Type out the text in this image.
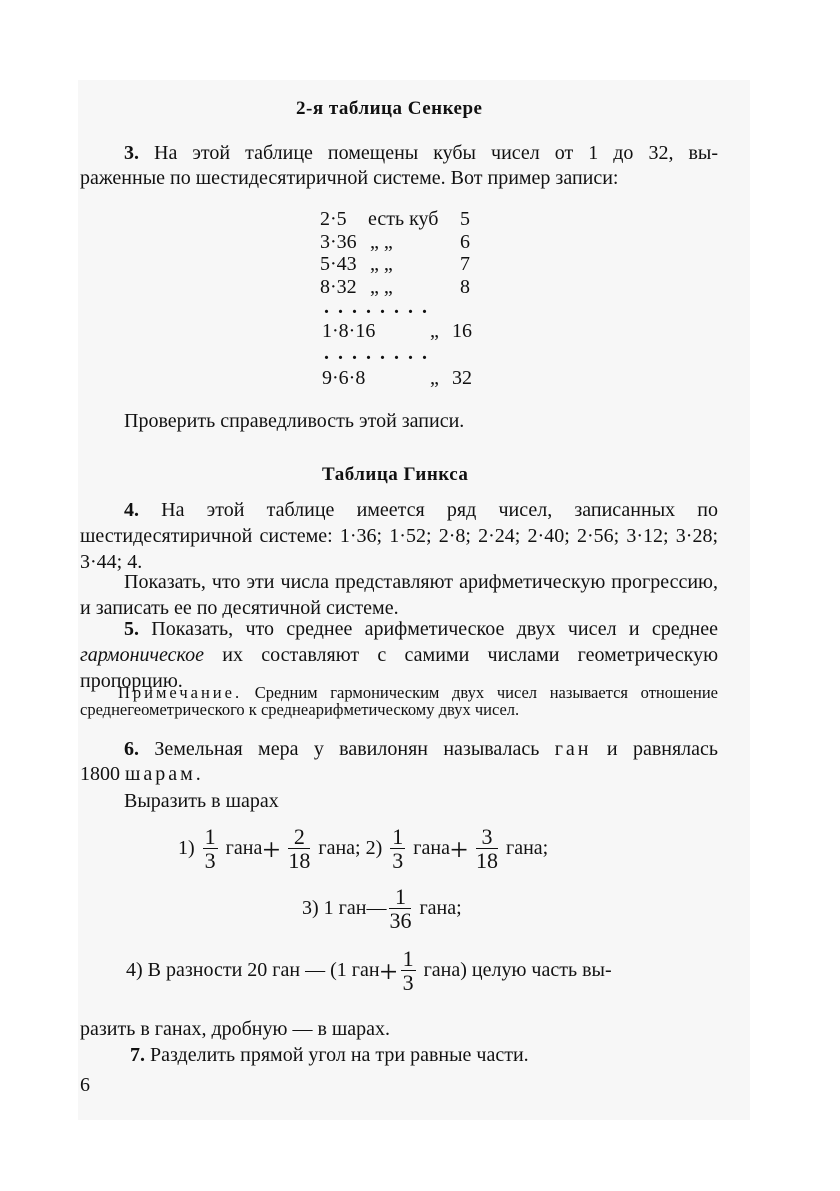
2-я таблица Сенкере
3. На этой таблице помещены кубы чисел от 1 до 32, вы-
раженные по шестидесятиричной системе. Вот пример записи:
2·5 есть куб 5
3·36 „ „	6
5·43 „ „	7
8·32 „ „	8
........
1·8·16	„ 16
........
9·6·8	„ 32
Проверить справедливость этой записи.
Таблица Гинкса
4. На этой таблице имеется ряд чисел, записанных по шестидесятиричной системе: 1·36; 1·52; 2·8; 2·24; 2·40; 2·56; 3·12; 3·28; 3·44; 4.
Показать, что эти числа представляют арифметическую прогрессию, и записать ее по десятичной системе.
5. Показать, что среднее арифметическое двух чисел и среднее гармоническое их составляют с самими числами геометрическую пропорцию.
Примечание. Средним гармоническим двух чисел называется отношение среднегеометрического к среднеарифметическому двух чисел.
6. Земельная мера у вавилонян называлась ган и равнялась
1800 шарам.
Выразить в шарах
$1) \frac{1}{3}$ гана+ $\frac{2}{18}$ гана; $2) \frac{1}{3}$ гана+ $\frac{3}{18}$ гана;
3) 1 ган— $\frac{1}{36}$ гана;
4) В разности 20 ган — (1 $ган+ \frac{1}{3}$ гана) целую часть вы-
разить в ганах, дробную — в шарах.
7. Разделить прямой угол на три равные части.
6
